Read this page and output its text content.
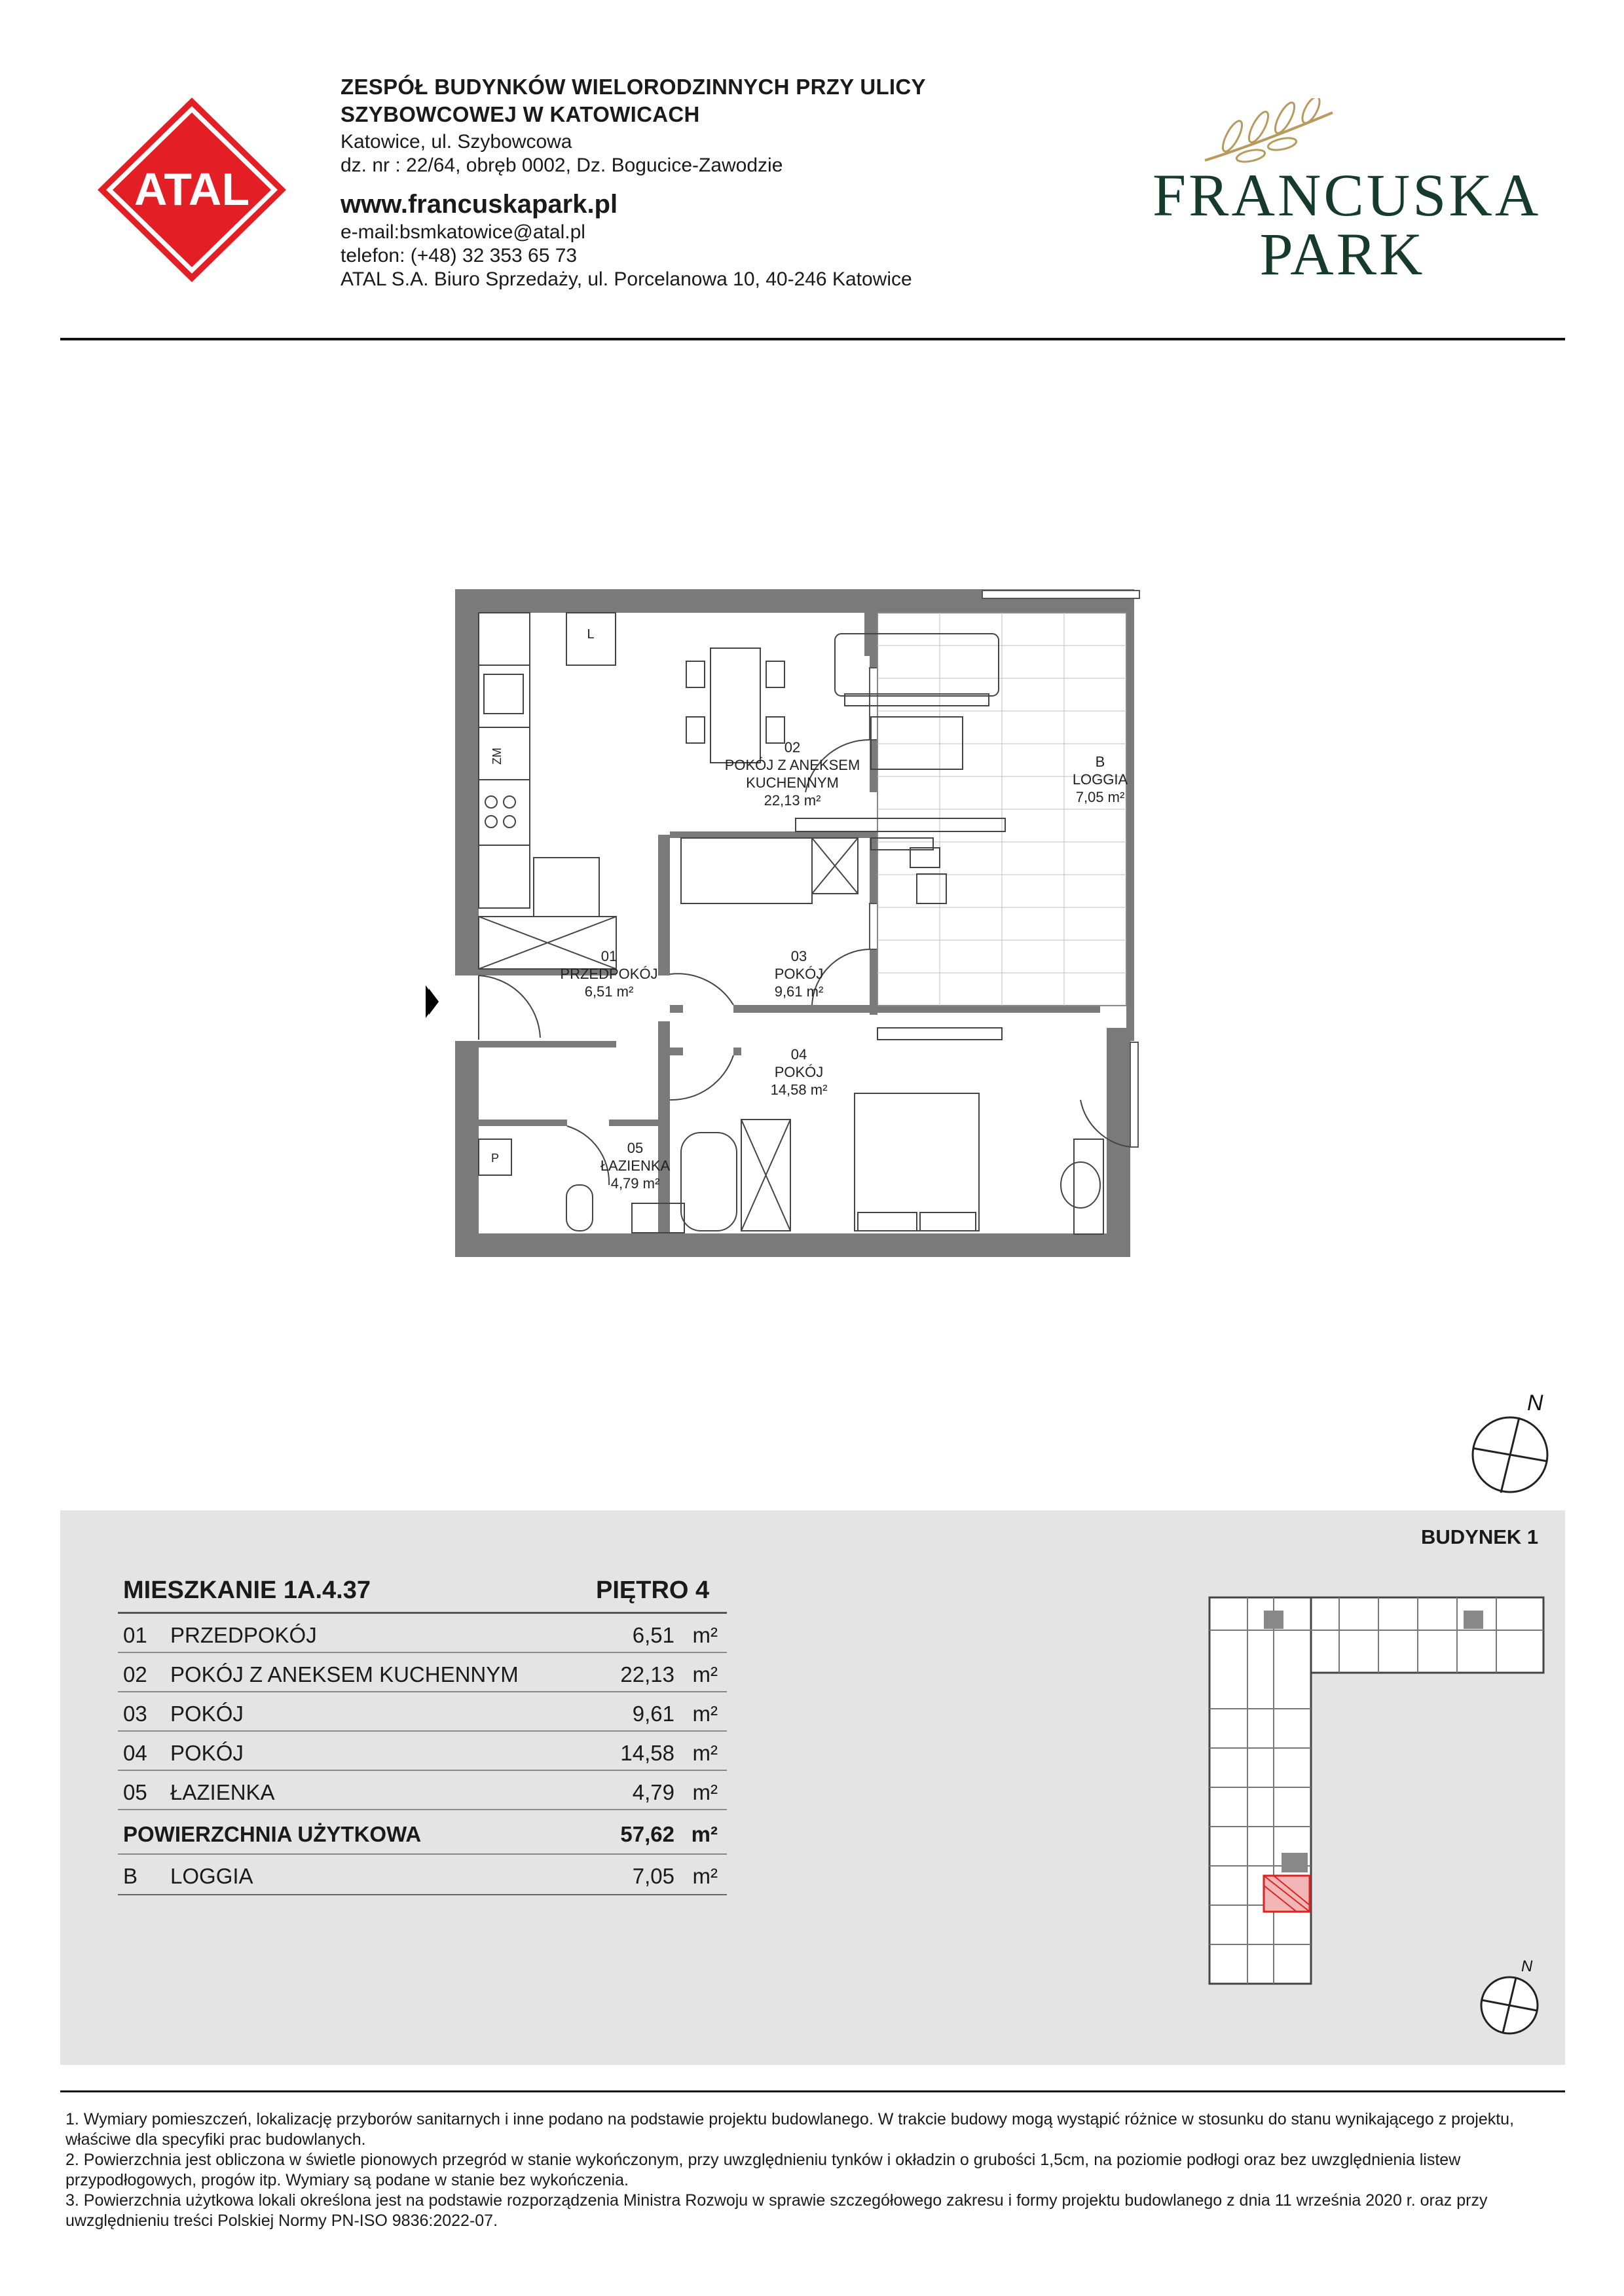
ATAL
ZESPÓŁ BUDYNKÓW WIELORODZINNYCH PRZY ULICY
SZYBOWCOWEJ W KATOWICACH
Katowice, ul. Szybowcowa
dz. nr : 22/64, obręb 0002, Dz. Bogucice-Zawodzie
www.francuskapark.pl
e-mail:bsmkatowice@atal.pl
telefon: (+48) 32 353 65 73
ATAL S.A. Biuro Sprzedaży, ul. Porcelanowa 10, 40-246 Katowice
FRANCUSKA
PARK
L
ZM
P
02
POKÓJ Z ANEKSEM
KUCHENNYM
22,13 m²
B
LOGGIA
7,05 m²
01
PRZEDPOKÓJ
6,51 m²
03
POKÓJ
9,61 m²
04
POKÓJ
14,58 m²
05
ŁAZIENKA
4,79 m²
N
BUDYNEK 1
MIESZKANIE 1A.4.37	PIĘTRO 4
01 PRZEDPOKÓJ	6,51 m²
02 POKÓJ Z ANEKSEM KUCHENNYM	22,13 m²
03 POKÓJ	9,61 m²
04 POKÓJ	14,58 m²
05 ŁAZIENKA	4,79 m²
POWIERZCHNIA UŻYTKOWA	57,62 m²
B LOGGIA	7,05 m²
N

1. Wymiary pomieszczeń, lokalizację przyborów sanitarnych i inne podano na podstawie projektu budowlanego. W trakcie budowy mogą wystąpić różnice w stosunku do stanu wynikającego z projektu, właściwe dla specyfiki prac budowlanych.

2. Powierzchnia jest obliczona w świetle pionowych przegród w stanie wykończonym, przy uwzględnieniu tynków i okładzin o grubości 1,5cm, na poziomie podłogi oraz bez uwzględnienia listew przypodłogowych, progów itp. Wymiary są podane w stanie bez wykończenia.

3. Powierzchnia użytkowa lokali określona jest na podstawie rozporządzenia Ministra Rozwoju w sprawie szczegółowego zakresu i formy projektu budowlanego z dnia 11 września 2020 r. oraz przy uwzględnieniu treści Polskiej Normy PN-ISO 9836:2022-07.
